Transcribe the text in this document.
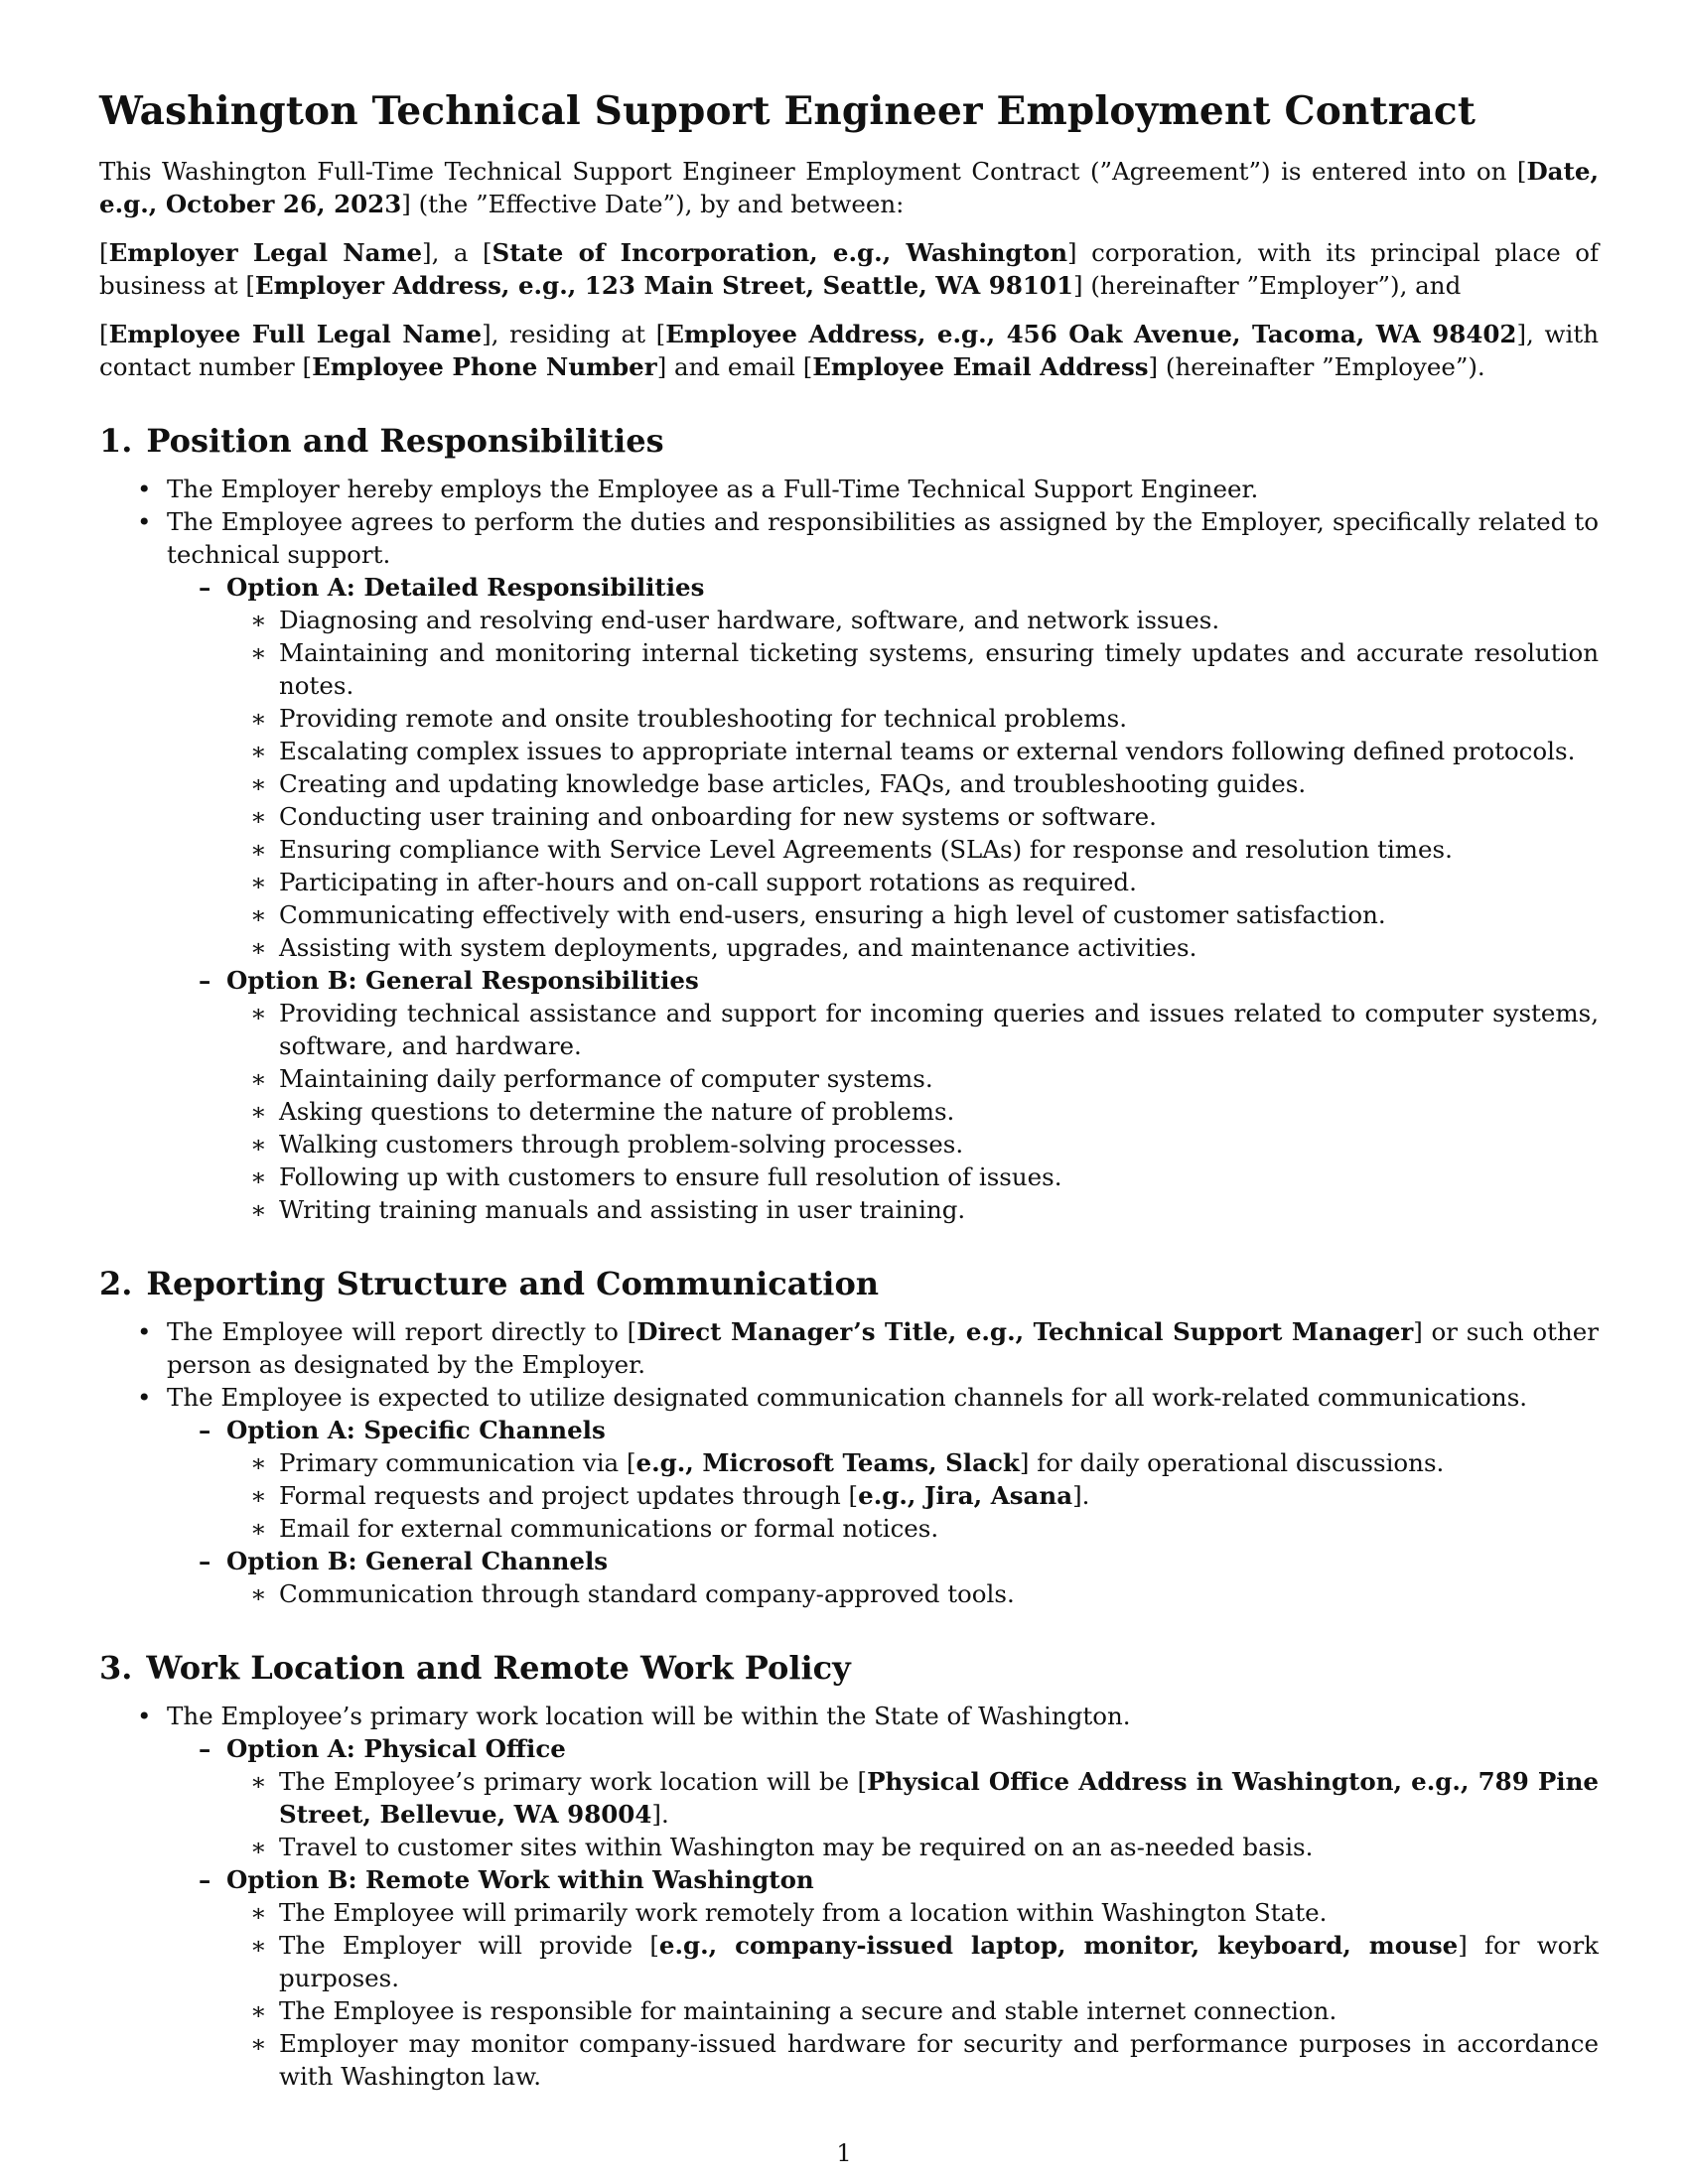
Washington Technical Support Engineer Employment Contract

This Washington Full-Time Technical Support Engineer Employment Contract (”Agreement”) is entered into on [Date, e.g., October 26, 2023] (the ”Effective Date”), by and between:

[Employer Legal Name], a [State of Incorporation, e.g., Washington] corporation, with its principal place of business at [Employer Address, e.g., 123 Main Street, Seattle, WA 98101] (hereinafter ”Employer”), and

[Employee Full Legal Name], residing at [Employee Address, e.g., 456 Oak Avenue, Tacoma, WA 98402], with contact number [Employee Phone Number] and email [Employee Email Address] (hereinafter ”Employee”).

1. Position and Responsibilities
• The Employer hereby employs the Employee as a Full-Time Technical Support Engineer.
• The Employee agrees to perform the duties and responsibilities as assigned by the Employer, specifically related to technical support.
– Option A: Detailed Responsibilities
∗ Diagnosing and resolving end-user hardware, software, and network issues.
∗ Maintaining and monitoring internal ticketing systems, ensuring timely updates and accurate resolution notes.
∗ Providing remote and onsite troubleshooting for technical problems.
∗ Escalating complex issues to appropriate internal teams or external vendors following defined protocols.
∗ Creating and updating knowledge base articles, FAQs, and troubleshooting guides.
∗ Conducting user training and onboarding for new systems or software.
∗ Ensuring compliance with Service Level Agreements (SLAs) for response and resolution times.
∗ Participating in after-hours and on-call support rotations as required.
∗ Communicating effectively with end-users, ensuring a high level of customer satisfaction.
∗ Assisting with system deployments, upgrades, and maintenance activities.
– Option B: General Responsibilities
∗ Providing technical assistance and support for incoming queries and issues related to computer systems, software, and hardware.
∗ Maintaining daily performance of computer systems.
∗ Asking questions to determine the nature of problems.
∗ Walking customers through problem-solving processes.
∗ Following up with customers to ensure full resolution of issues.
∗ Writing training manuals and assisting in user training.
2. Reporting Structure and Communication
• The Employee will report directly to [Direct Manager’s Title, e.g., Technical Support Manager] or such other person as designated by the Employer.
• The Employee is expected to utilize designated communication channels for all work-related communications.
– Option A: Specific Channels
∗ Primary communication via [e.g., Microsoft Teams, Slack] for daily operational discussions.
∗ Formal requests and project updates through [e.g., Jira, Asana].
∗ Email for external communications or formal notices.
– Option B: General Channels
∗ Communication through standard company-approved tools.
3. Work Location and Remote Work Policy
• The Employee’s primary work location will be within the State of Washington.
– Option A: Physical Office
∗ The Employee’s primary work location will be [Physical Office Address in Washington, e.g., 789 Pine Street, Bellevue, WA 98004].
∗ Travel to customer sites within Washington may be required on an as-needed basis.
– Option B: Remote Work within Washington
∗ The Employee will primarily work remotely from a location within Washington State.
∗ The Employer will provide [e.g., company-issued laptop, monitor, keyboard, mouse] for work purposes.
∗ The Employee is responsible for maintaining a secure and stable internet connection.
∗ Employer may monitor company-issued hardware for security and performance purposes in accordance with Washington law.
1
